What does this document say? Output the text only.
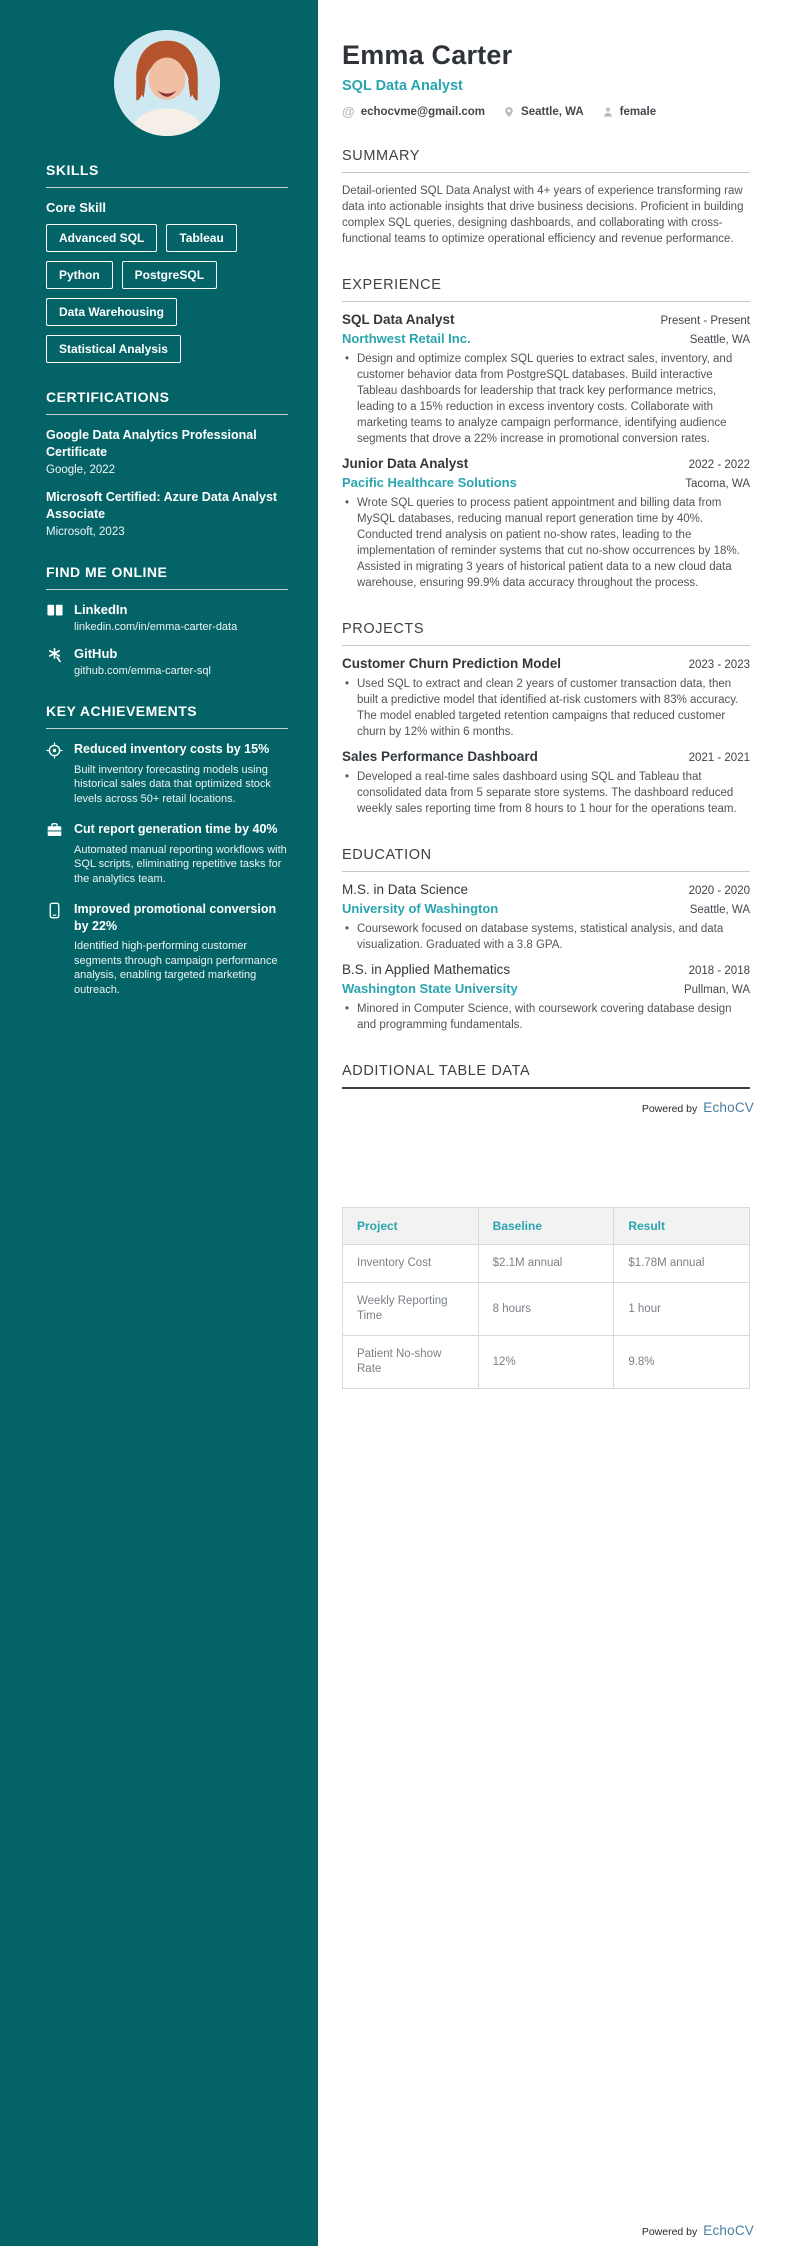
SKILLS
Core Skill
Advanced SQL	Tableau
Python	PostgreSQL
Data Warehousing
Statistical Analysis
CERTIFICATIONS
Google Data Analytics Professional Certificate
Google, 2022
Microsoft Certified: Azure Data Analyst Associate
Microsoft, 2023
FIND ME ONLINE
LinkedIn
linkedin.com/in/emma-carter-data
GitHub
github.com/emma-carter-sql
KEY ACHIEVEMENTS
Reduced inventory costs by 15%
Built inventory forecasting models using historical sales data that optimized stock levels across 50+ retail locations.
Cut report generation time by 40%
Automated manual reporting workflows with SQL scripts, eliminating repetitive tasks for the analytics team.
Improved promotional conversion by 22%
Identified high-performing customer segments through campaign performance analysis, enabling targeted marketing outreach.
Emma Carter
SQL Data Analyst
@ echocvme@gmail.com	Seattle, WA	female
SUMMARY

Detail-oriented SQL Data Analyst with 4+ years of experience transforming raw data into actionable insights that drive business decisions. Proficient in building complex SQL queries, designing dashboards, and collaborating with cross-functional teams to optimize operational efficiency and revenue performance.

EXPERIENCE
SQL Data Analyst	Present - Present
Northwest Retail Inc.	Seattle, WA
• Design and optimize complex SQL queries to extract sales, inventory, and customer behavior data from PostgreSQL databases. Build interactive Tableau dashboards for leadership that track key performance metrics, leading to a 15% reduction in excess inventory costs. Collaborate with marketing teams to analyze campaign performance, identifying audience segments that drove a 22% increase in promotional conversion rates.
Junior Data Analyst	2022 - 2022
Pacific Healthcare Solutions	Tacoma, WA
• Wrote SQL queries to process patient appointment and billing data from MySQL databases, reducing manual report generation time by 40%. Conducted trend analysis on patient no-show rates, leading to the implementation of reminder systems that cut no-show occurrences by 18%. Assisted in migrating 3 years of historical patient data to a new cloud data warehouse, ensuring 99.9% data accuracy throughout the process.
PROJECTS
Customer Churn Prediction Model	2023 - 2023
• Used SQL to extract and clean 2 years of customer transaction data, then built a predictive model that identified at-risk customers with 83% accuracy. The model enabled targeted retention campaigns that reduced customer churn by 12% within 6 months.
Sales Performance Dashboard	2021 - 2021
• Developed a real-time sales dashboard using SQL and Tableau that consolidated data from 5 separate store systems. The dashboard reduced weekly sales reporting time from 8 hours to 1 hour for the operations team.
EDUCATION
M.S. in Data Science	2020 - 2020
University of Washington	Seattle, WA
• Coursework focused on database systems, statistical analysis, and data visualization. Graduated with a 3.8 GPA.
B.S. in Applied Mathematics	2018 - 2018
Washington State University	Pullman, WA
• Minored in Computer Science, with coursework covering database design and programming fundamentals.
ADDITIONAL TABLE DATA
Powered by EchoCV
Project	Baseline	Result
Inventory Cost	$2.1M annual	$1.78M annual
Weekly Reporting Time	8 hours	1 hour
Patient No-show Rate	12%	9.8%
Powered by EchoCV
